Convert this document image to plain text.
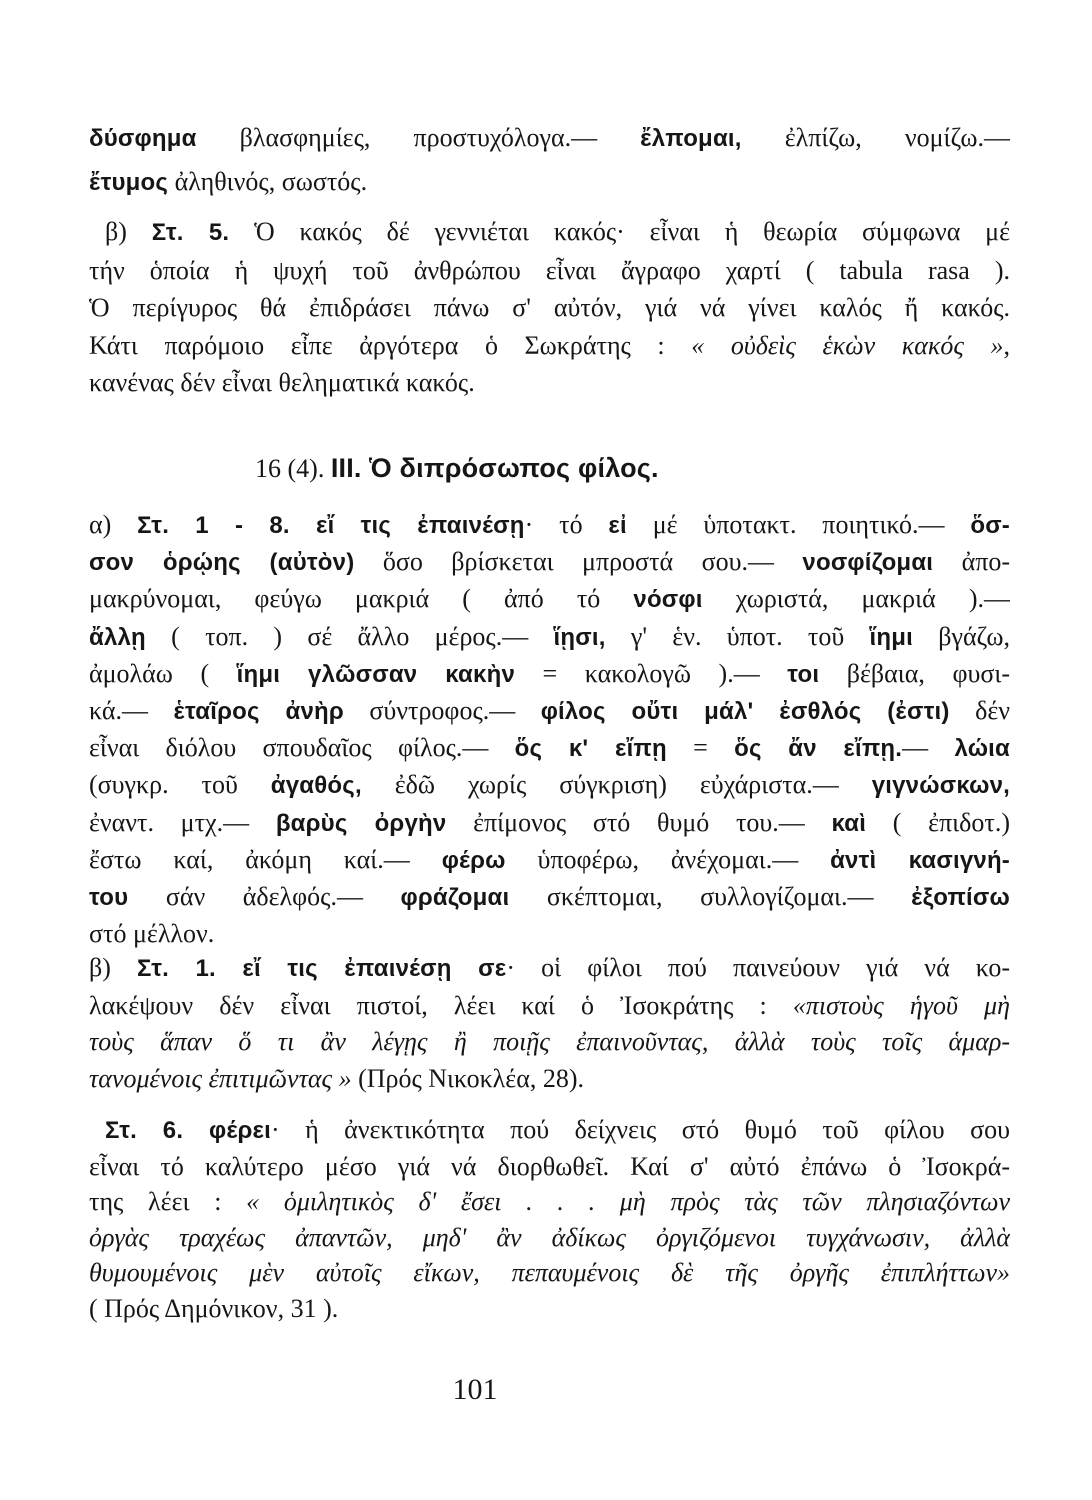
δύσφημα βλασφημίες, προστυχόλογα.— ἔλπομαι, ἐλπίζω, νομίζω.—
ἔτυμος ἀληθινός, σωστός.
β) Στ. 5. Ὁ κακός δέ γεννιέται κακός· εἶναι ἡ θεωρία σύμφωνα μέ
τήν ὁποία ἡ ψυχή τοῦ ἀνθρώπου εἶναι ἄγραφο χαρτί ( tabula rasa ).
Ὁ περίγυρος θά ἐπιδράσει πάνω σ' αὐτόν, γιά νά γίνει καλός ἤ κακός.
Κάτι παρόμοιο εἶπε ἀργότερα ὁ Σωκράτης : « οὐδεὶς ἑκὼν κακός »,
κανένας δέν εἶναι θεληματικά κακός.
16 (4). III. Ὁ διπρόσωπος φίλος.
α) Στ. 1 - 8. εἴ τις ἐπαινέσῃ· τό εἰ μέ ὑποτακτ. ποιητικό.— ὅσ-
σον ὁρῴης (αὐτὸν) ὅσο βρίσκεται μπροστά σου.— νοσφίζομαι ἀπο-
μακρύνομαι, φεύγω μακριά ( ἀπό τό νόσφι χωριστά, μακριά ).—
ἄλλῃ ( τοπ. ) σέ ἄλλο μέρος.— ἵῃσι, γ' ἑν. ὑποτ. τοῦ ἵημι βγάζω,
ἀμολάω ( ἵημι γλῶσσαν κακὴν = κακολογῶ ).— τοι βέβαια, φυσι-
κά.— ἑταῖρος ἀνὴρ σύντροφος.— φίλος οὔτι μάλ' ἐσθλός (ἐστι) δέν
εἶναι διόλου σπουδαῖος φίλος.— ὅς κ' εἴπῃ = ὅς ἄν εἴπῃ.— λώια
(συγκρ. τοῦ ἀγαθός, ἐδῶ χωρίς σύγκριση) εὐχάριστα.— γιγνώσκων,
ἐναντ. μτχ.— βαρὺς ὀργὴν ἐπίμονος στό θυμό του.— καὶ ( ἐπιδοτ.)
ἔστω καί, ἀκόμη καί.— φέρω ὑποφέρω, ἀνέχομαι.— ἀντὶ κασιγνή-
του σάν ἀδελφός.— φράζομαι σκέπτομαι, συλλογίζομαι.— ἐξοπίσω
στό μέλλον.
β) Στ. 1. εἴ τις ἐπαινέσῃ σε· οἱ φίλοι πού παινεύουν γιά νά κο-
λακέψουν δέν εἶναι πιστοί, λέει καί ὁ Ἰσοκράτης : «πιστοὺς ἡγοῦ μὴ
τοὺς ἅπαν ὅ τι ἂν λέγῃς ἢ ποιῇς ἐπαινοῦντας, ἀλλὰ τοὺς τοῖς ἁμαρ-
τανομένοις ἐπιτιμῶντας » (Πρός Νικοκλέα, 28).
Στ. 6. φέρει· ἡ ἀνεκτικότητα πού δείχνεις στό θυμό τοῦ φίλου σου
εἶναι τό καλύτερο μέσο γιά νά διορθωθεῖ. Καί σ' αὐτό ἐπάνω ὁ Ἰσοκρά-
της λέει : « ὁμιλητικὸς δ' ἔσει . . . μὴ πρὸς τὰς τῶν πλησιαζόντων
ὀργὰς τραχέως ἀπαντῶν, μηδ' ἂν ἀδίκως ὀργιζόμενοι τυγχάνωσιν, ἀλλὰ
θυμουμένοις μὲν αὐτοῖς εἴκων, πεπαυμένοις δὲ τῆς ὀργῆς ἐπιπλήττων»
( Πρός Δημόνικον, 31 ).
101
